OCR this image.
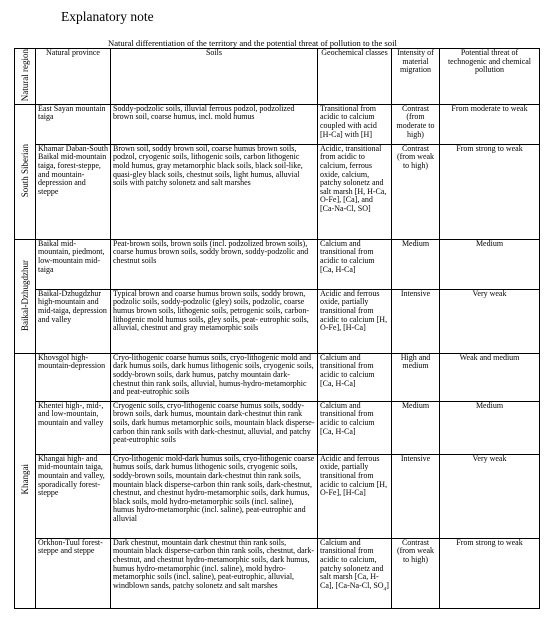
Explanatory note
Natural differentiation of the territory and the potential threat of pollution to the soil
Natural region	Natural province	Soils	Geochemical classes	Intensity of material migration	Potential threat of technogenic and chemical pollution
South Siberian	East Sayan mountain taiga	Soddy-podzolic soils, illuvial ferrous podzol, podzolized brown soil, coarse humus, incl. mold humus	Transitional from acidic to calcium coupled with acid [H-Ca] with [H]	Contrast (from moderate to high)	From moderate to weak
	Khamar Daban-South Baikal mid-mountain taiga, forest-steppe, and mountain-depression and steppe	Brown soil, soddy brown soil, coarse humus brown soils, podzol, cryogenic soils, lithogenic soils, carbon lithogenic mold humus, gray metamorphic black soils, black soil-like, quasi-gley black soils, chestnut soils, light humus, alluvial soils with patchy solonetz and salt marshes	Acidic, transitional from acidic to calcium, ferrous oxide, calcium, patchy solonetz and salt marsh [H, H-Ca, O-Fe], [Ca], and [Ca-Na-Cl, SO]	Contrast (from weak to high)	From strong to weak
Baikal-Dzhugdzhur	Baikal mid-mountain, piedmont, low-mountain mid-taiga	Peat-brown soils, brown soils (incl. podzolized brown soils), coarse humus brown soils, soddy brown, soddy-podzolic and chestnut soils	Calcium and transitional from acidic to calcium [Ca, H-Ca]	Medium	Medium
	Baikal-Dzhugdzhur high-mountain and mid-taiga, depression and valley	Typical brown and coarse humus brown soils, soddy brown, podzolic soils, soddy-podzolic (gley) soils, podzolic, coarse humus brown soils, lithogenic soils, petrogenic soils, carbon-lithogenic mold humus soils, gley soils, peat- eutrophic soils, alluvial, chestnut and gray metamorphic soils	Acidic and ferrous oxide, partially transitional from acidic to calcium [H, O-Fe], [H-Ca]	Intensive	Very weak
Khangai	Khovsgol high-mountain-depression	Cryo-lithogenic coarse humus soils, cryo-lithogenic mold and dark humus soils, dark humus lithogenic soils, cryogenic soils, soddy-brown soils, dark humus, patchy mountain dark-chestnut thin rank soils, alluvial, humus-hydro-metamorphic and peat-eutrophic soils	Calcium and transitional from acidic to calcium [Ca, H-Ca]	High and medium	Weak and medium
	Khentei high-, mid-, and low-mountain, mountain and valley	Cryogenic soils, cryo-lithogenic coarse humus soils, soddy-brown soils, dark humus, mountain dark-chestnut thin rank soils, dark humus metamorphic soils, mountain black disperse-carbon thin rank soils with dark-chestnut, alluvial, and patchy peat-eutrophic soils	Calcium and transitional from acidic to calcium [Ca, H-Ca]	Medium	Medium
	Khangai high- and mid-mountain taiga, mountain and valley, sporadically forest-steppe	Cryo-lithogenic mold-dark humus soils, cryo-lithogenic coarse humus soils, dark humus lithogenic soils, cryogenic soils, soddy-brown soils, mountain dark-chestnut thin rank soils, mountain black disperse-carbon thin rank soils, dark-chestnut, chestnut, and chestnut hydro-metamorphic soils, dark humus, black soils, mold hydro-metamorphic soils (incl. saline), humus hydro-metamorphic (incl. saline), peat-eutrophic and alluvial	Acidic and ferrous oxide, partially transitional from acidic to calcium [H, O-Fe], [H-Ca]	Intensive	Very weak
	Orkhon-Tuul forest-steppe and steppe	Dark chestnut, mountain dark chestnut thin rank soils, mountain black disperse-carbon thin rank soils, chestnut, dark-chestnut, and chestnut hydro-metamorphic soils, dark humus, humus hydro-metamorphic (incl. saline), mold hydro-metamorphic soils (incl. saline), peat-eutrophic, alluvial, windblown sands, patchy solonetz and salt marshes	Calcium and transitional from acidic to calcium, patchy solonetz and salt marsh [Ca, H-Ca], [Ca-Na-Cl, $SO_4$]	Contrast (from weak to high)	From strong to weak
